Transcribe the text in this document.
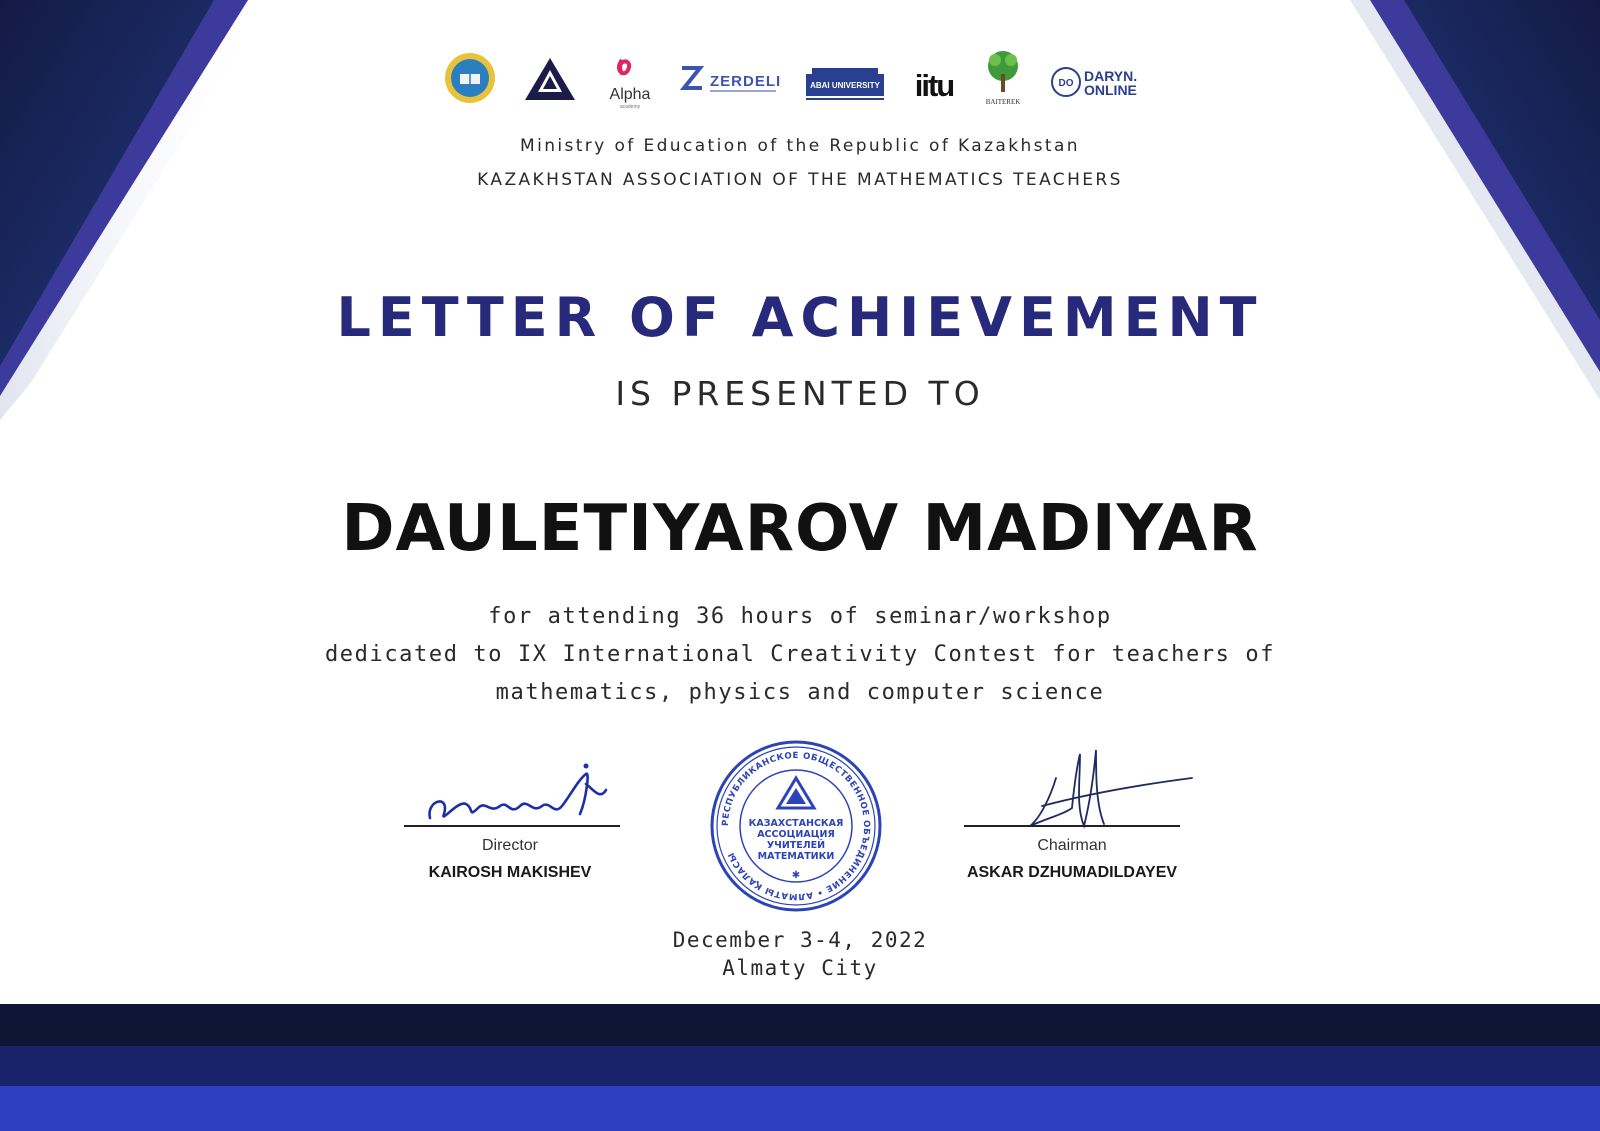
Alpha
academy
ZERDELI	ABAI UNIVERSITY iitu	BAITEREK
DO DARYN.
ONLINE
Ministry of Education of the Republic of Kazakhstan
KAZAKHSTAN ASSOCIATION OF THE MATHEMATICS TEACHERS
LETTER OF ACHIEVEMENT
IS PRESENTED TO
DAULETIYAROV MADIYAR
for attending 36 hours of seminar/workshop
dedicated to IX International Creativity Contest for teachers of
mathematics, physics and computer science
Director
KAIROSH MAKISHEV
РЕСПУБЛИКАНСКОЕ ОБЩЕСТВЕННОЕ ОБЪЕДИНЕНИЕ • АЛМАТЫ ҚАЛАСЫ
КАЗАХСТАНСКАЯ
АССОЦИАЦИЯ
УЧИТЕЛЕЙ
МАТЕМАТИКИ
✱
Chairman
ASKAR DZHUMADILDAYEV
December 3-4, 2022
Almaty City
